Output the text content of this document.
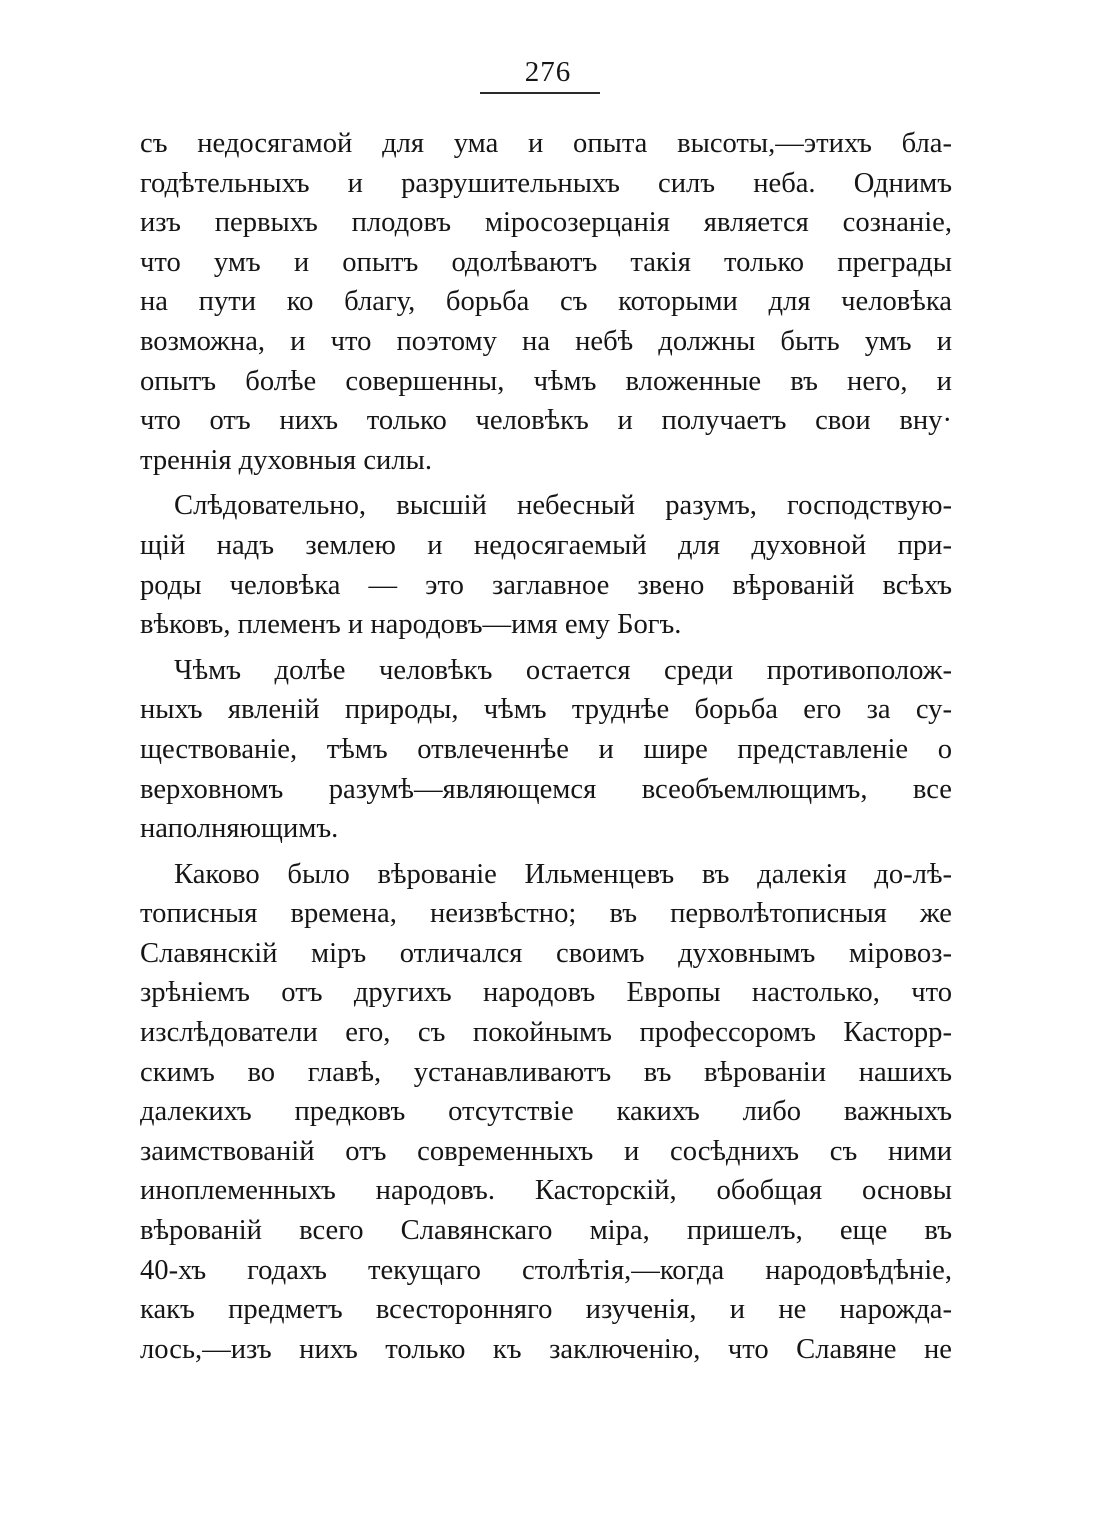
276
съ недосягамой для ума и опыта высоты,—этихъ бла-
годѣтельныхъ и разрушительныхъ силъ неба. Однимъ
изъ первыхъ плодовъ міросозерцанія является сознаніе,
что умъ и опытъ одолѣваютъ такія только преграды
на пути ко благу, борьба съ которыми для человѣка
возможна, и что поэтому на небѣ должны быть умъ и
опытъ болѣе совершенны, чѣмъ вложенные въ него, и
что отъ нихъ только человѣкъ и получаетъ свои вну·
треннія духовныя силы.
Слѣдовательно, высшій небесный разумъ, господствую-
щій надъ землею и недосягаемый для духовной при-
роды человѣка — это заглавное звено вѣрованій всѣхъ
вѣковъ, племенъ и народовъ—имя ему Богъ.
Чѣмъ долѣе человѣкъ остается среди противополож-
ныхъ явленій природы, чѣмъ труднѣе борьба его за су-
ществованіе, тѣмъ отвлеченнѣе и шире представленіе о
верховномъ разумѣ—являющемся всеобъемлющимъ, все
наполняющимъ.
Каково было вѣрованіе Ильменцевъ въ далекія до-лѣ-
тописныя времена, неизвѣстно; въ перволѣтописныя же
Славянскій міръ отличался своимъ духовнымъ міровоз-
зрѣніемъ отъ другихъ народовъ Европы настолько, что
изслѣдователи его, съ покойнымъ профессоромъ Касторр-
скимъ во главѣ, устанавливаютъ въ вѣрованіи нашихъ
далекихъ предковъ отсутствіе какихъ либо важныхъ
заимствованій отъ современныхъ и сосѣднихъ съ ними
иноплеменныхъ народовъ. Касторскій, обобщая основы
вѣрованій всего Славянскаго міра, пришелъ, еще въ
40-хъ годахъ текущаго столѣтія,—когда народовѣдѣніе,
какъ предметъ всесторонняго изученія, и не нарожда-
лось,—изъ нихъ только къ заключенію, что Славяне не
